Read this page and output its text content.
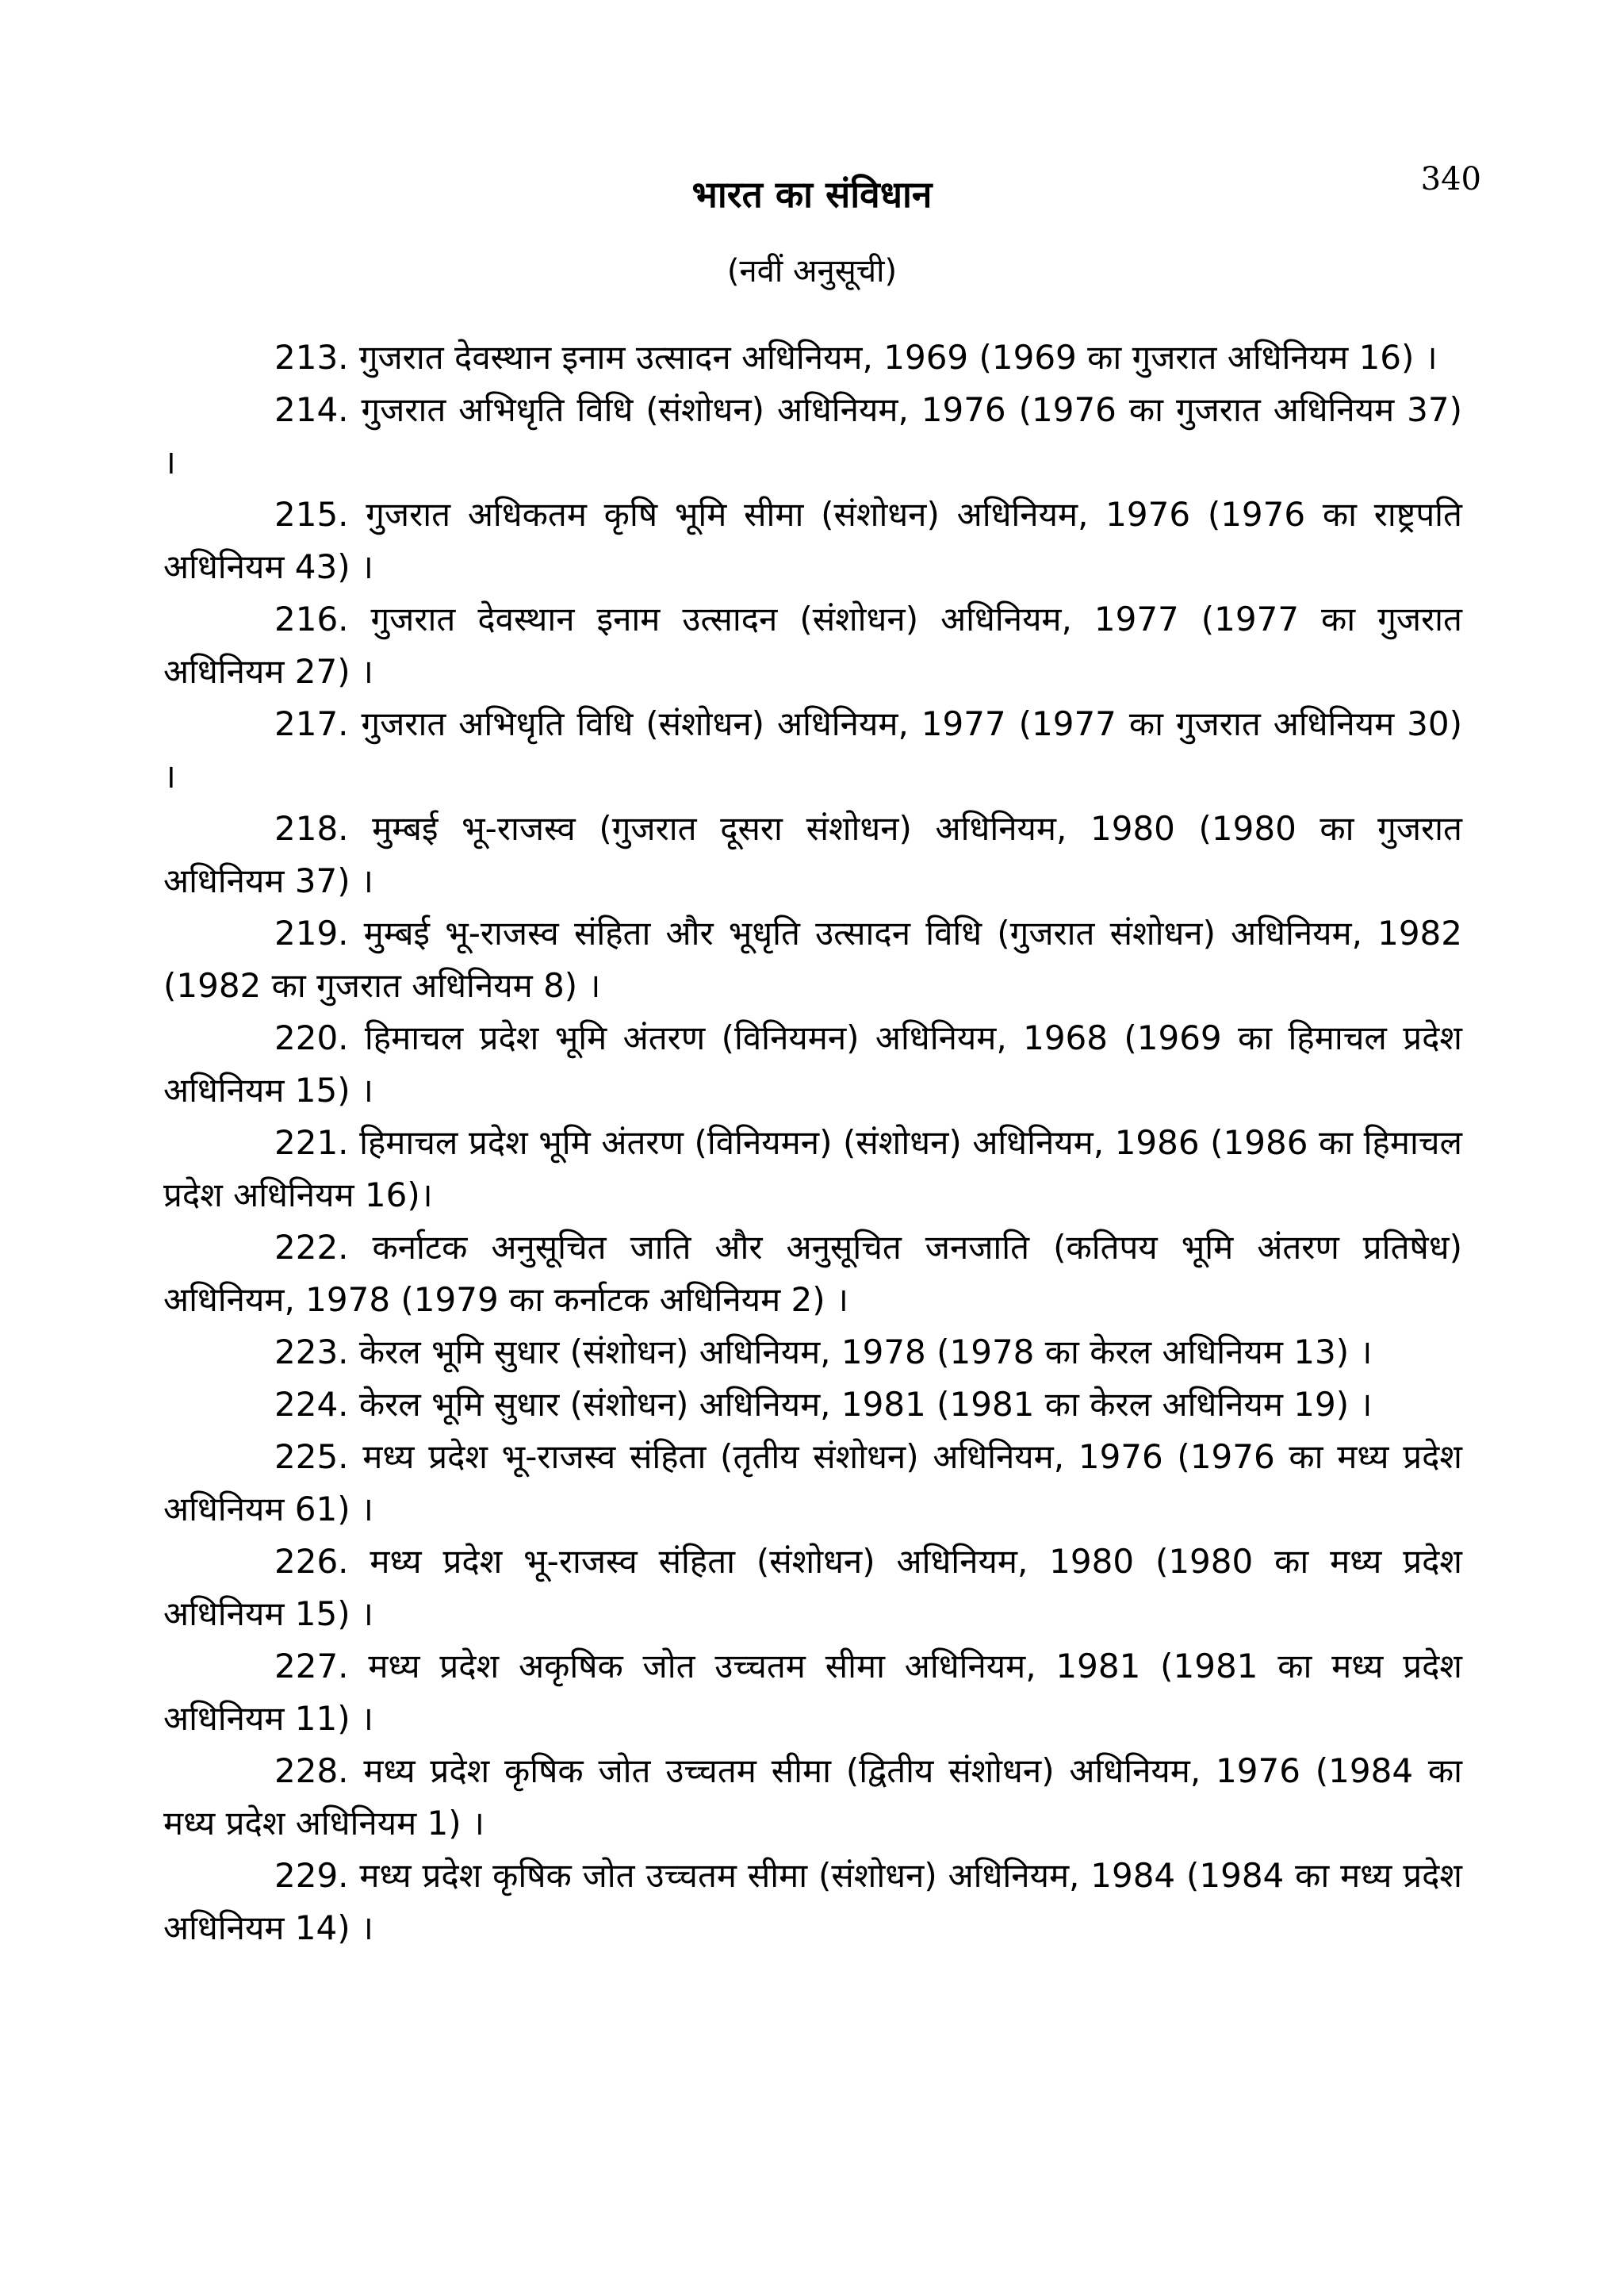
340
भारत का संविधान
(नवीं अनुसूची)
213. गुजरात देवस्थान इनाम उत्सादन अधिनियम, 1969 (1969 का गुजरात अधिनियम 16) ।
214. गुजरात अभिधृति विधि (संशोधन) अधिनियम, 1976 (1976 का गुजरात अधिनियम 37) ।
215. गुजरात अधिकतम कृषि भूमि सीमा (संशोधन) अधिनियम, 1976 (1976 का राष्ट्रपति अधिनियम 43) ।
216. गुजरात देवस्थान इनाम उत्सादन (संशोधन) अधिनियम, 1977 (1977 का गुजरात अधिनियम 27) ।
217. गुजरात अभिधृति विधि (संशोधन) अधिनियम, 1977 (1977 का गुजरात अधिनियम 30) ।
218. मुम्बई भू-राजस्व (गुजरात दूसरा संशोधन) अधिनियम, 1980 (1980 का गुजरात अधिनियम 37) ।
219. मुम्बई भू-राजस्व संहिता और भूधृति उत्सादन विधि (गुजरात संशोधन) अधिनियम, 1982 (1982 का गुजरात अधिनियम 8) ।
220. हिमाचल प्रदेश भूमि अंतरण (विनियमन) अधिनियम, 1968 (1969 का हिमाचल प्रदेश अधिनियम 15) ।
221. हिमाचल प्रदेश भूमि अंतरण (विनियमन) (संशोधन) अधिनियम, 1986 (1986 का हिमाचल प्रदेश अधिनियम 16)।
222. कर्नाटक अनुसूचित जाति और अनुसूचित जनजाति (कतिपय भूमि अंतरण प्रतिषेध) अधिनियम, 1978 (1979 का कर्नाटक अधिनियम 2) ।
223. केरल भूमि सुधार (संशोधन) अधिनियम, 1978 (1978 का केरल अधिनियम 13) ।
224. केरल भूमि सुधार (संशोधन) अधिनियम, 1981 (1981 का केरल अधिनियम 19) ।
225. मध्य प्रदेश भू-राजस्व संहिता (तृतीय संशोधन) अधिनियम, 1976 (1976 का मध्य प्रदेश अधिनियम 61) ।
226. मध्य प्रदेश भू-राजस्व संहिता (संशोधन) अधिनियम, 1980 (1980 का मध्य प्रदेश अधिनियम 15) ।
227. मध्य प्रदेश अकृषिक जोत उच्चतम सीमा अधिनियम, 1981 (1981 का मध्य प्रदेश अधिनियम 11) ।
228. मध्य प्रदेश कृषिक जोत उच्चतम सीमा (द्वितीय संशोधन) अधिनियम, 1976 (1984 का मध्य प्रदेश अधिनियम 1) ।
229. मध्य प्रदेश कृषिक जोत उच्चतम सीमा (संशोधन) अधिनियम, 1984 (1984 का मध्य प्रदेश अधिनियम 14) ।
